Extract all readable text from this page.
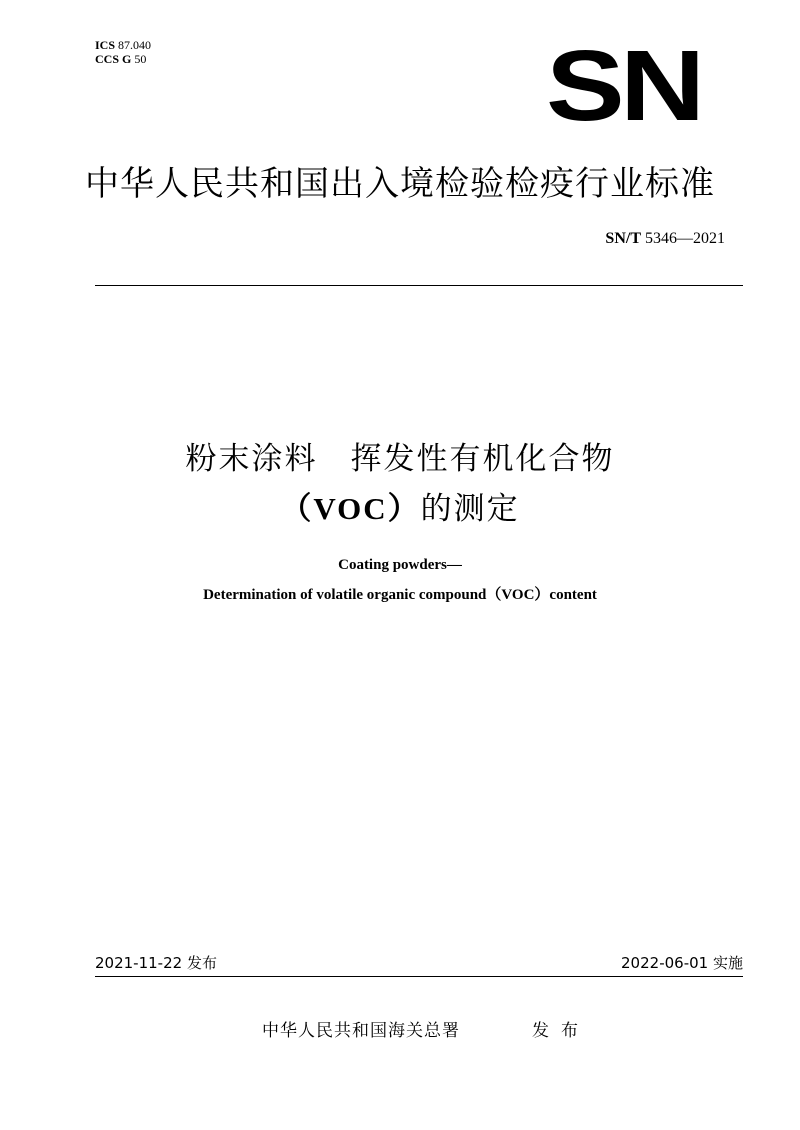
ICS 87.040
CCS G 50	SN
中华人民共和国出入境检验检疫行业标准
SN/T 5346—2021
粉末涂料　挥发性有机化合物
（VOC）的测定
Coating powders—
Determination of volatile organic compound（VOC）content
2021-11-22 发布	2022-06-01 实施
中华人民共和国海关总署	发布
